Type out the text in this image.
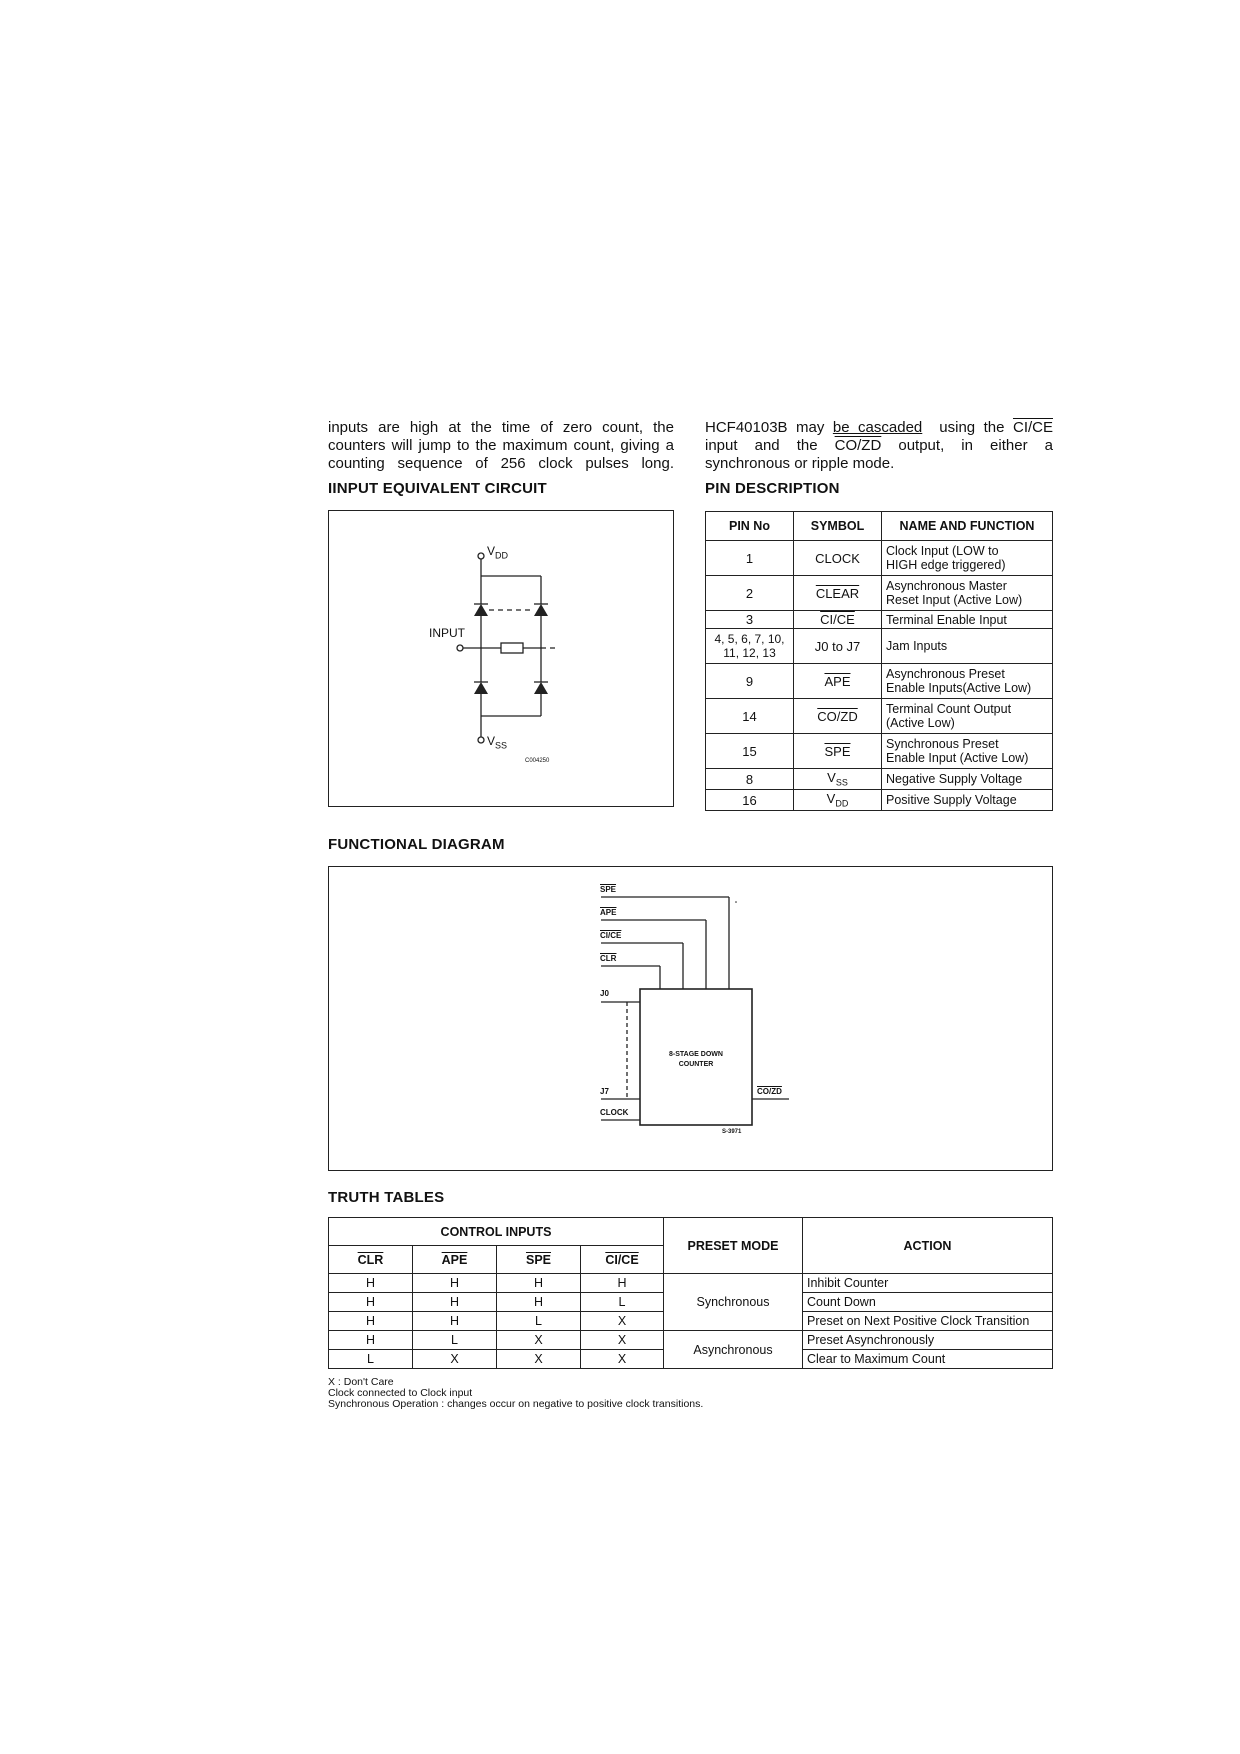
inputs are high at the time of zero count, the
counters will jump to the maximum count, giving a
counting sequence of 256 clock pulses long.
HCF40103B may be cascaded  using the CI/CE
input and the CO/ZD output, in either a
synchronous or ripple mode.
IINPUT EQUIVALENT CIRCUIT	PIN DESCRIPTION
FUNCTIONAL DIAGRAM
TRUTH TABLES
$V_{DD}$
INPUT
$V_{SS}$
C004250
PIN No	SYMBOL	NAME AND FUNCTION
1	CLOCK	Clock Input (LOW to
HIGH edge triggered)
2	CLEAR	Asynchronous Master
Reset Input (Active Low)
3	CI/CE	Terminal Enable Input
4, 5, 6, 7, 10,
11, 12, 13	J0 to J7	Jam Inputs
9	$\overline{APE}$	Asynchronous Preset
Enable Inputs(Active Low)
14	CO/ZD	Terminal Count Output
(Active Low)
15	$\overline{SPE}$	Synchronous Preset
Enable Input (Active Low)
8	$V_{SS}$	Negative Supply Voltage
16	$V_{DD}$	Positive Supply Voltage
$\overline{SPE}$
$\overline{APE}$
CI/CE
$\overline{CLR}$
J0
J7
CLOCK
8-STAGE DOWN
COUNTER
CO/ZD
S-3971
CONTROL INPUTS				PRESET MODE	ACTION
$\overline{CLR}$	$\overline{APE}$	$\overline{SPE}$	CI/CE		
H	H	H	H	Synchronous	Inhibit Counter
H	H	H	L		Count Down
H	H	L	X		Preset on Next Positive Clock Transition
H	L	X	X	Asynchronous	Preset Asynchronously
L	X	X	X		Clear to Maximum Count
X : Don't Care
Clock connected to Clock input
Synchronous Operation : changes occur on negative to positive clock transitions.
